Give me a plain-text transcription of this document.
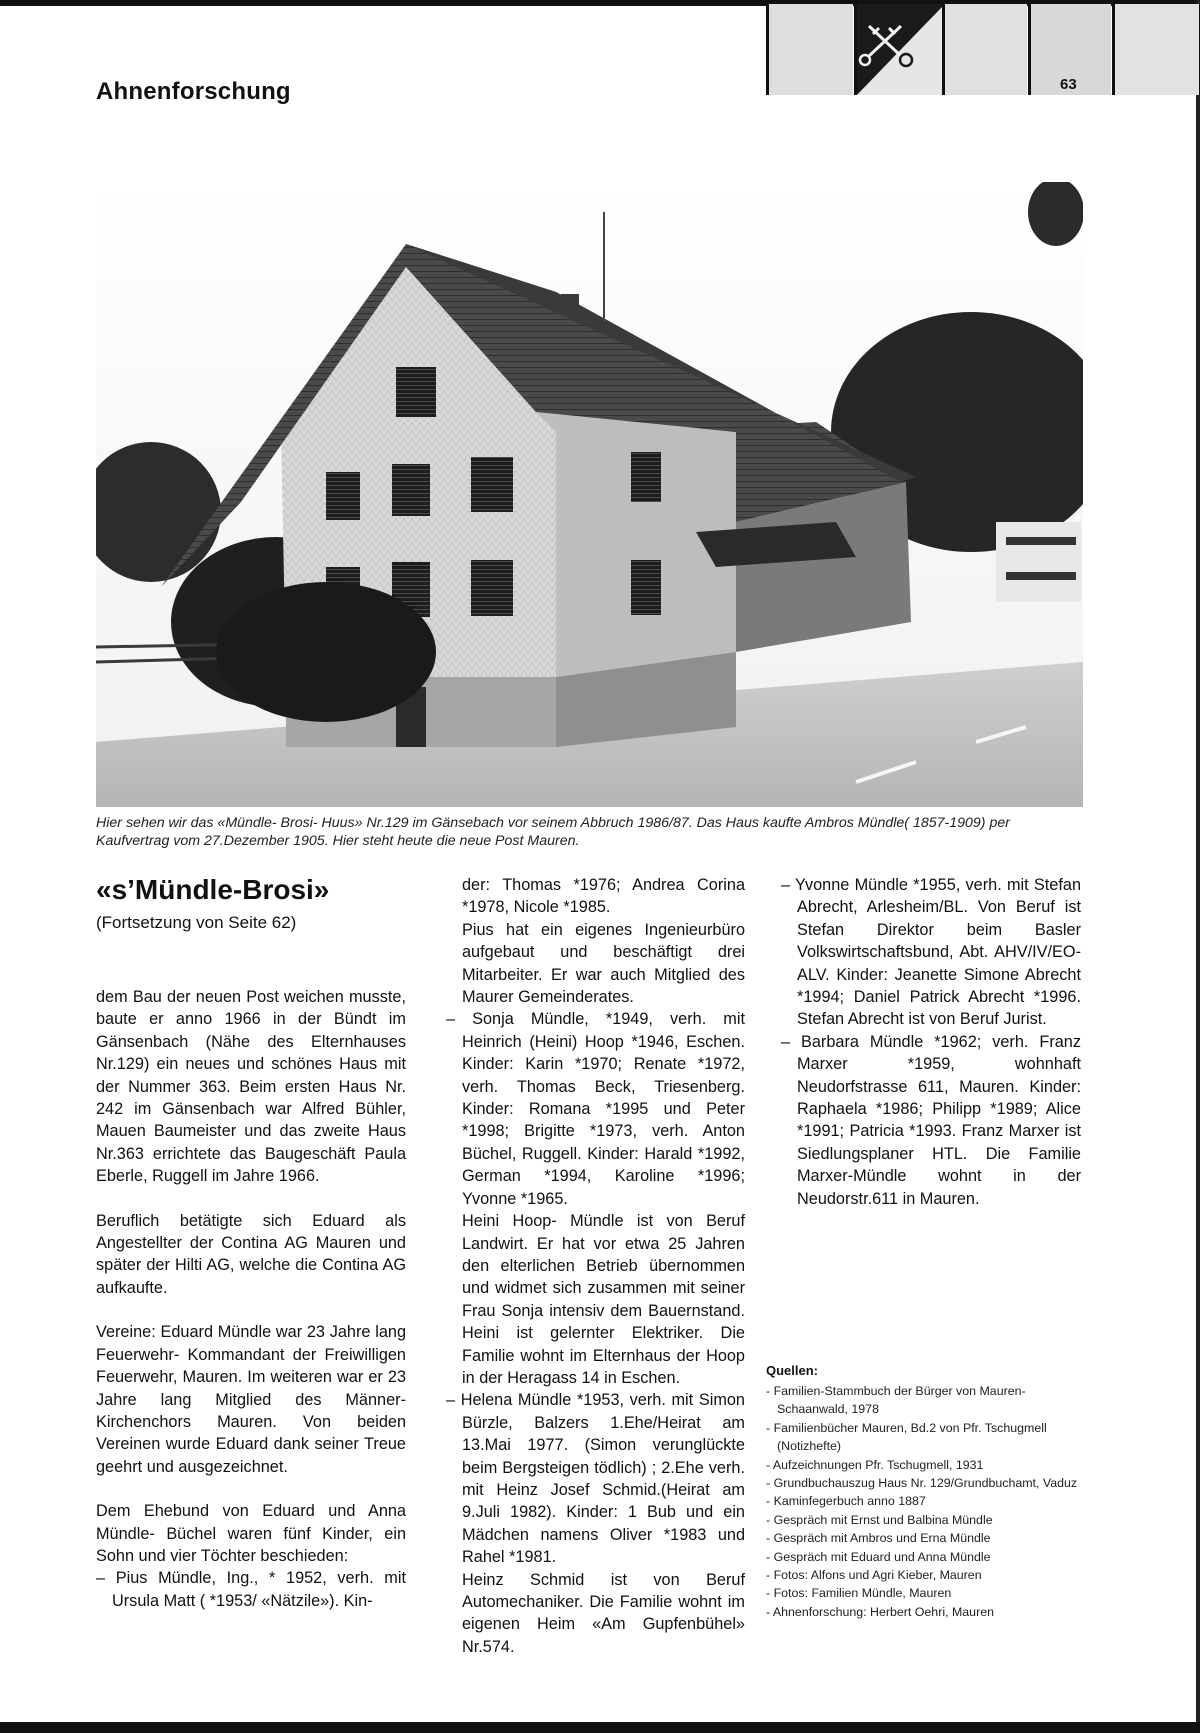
Ahnenforschung	63
Hier sehen wir das «Mündle- Brosi- Huus» Nr.129 im Gänsebach vor seinem Abbruch 1986/87. Das Haus kaufte Ambros Mündle( 1857-1909) per Kaufvertrag vom 27.Dezember 1905. Hier steht heute die neue Post Mauren.
«s’Mündle-Brosi»
(Fortsetzung von Seite 62)

dem Bau der neuen Post weichen musste, baute er anno 1966 in der Bündt im Gänsenbach (Nähe des Elternhauses Nr.129) ein neues und schönes Haus mit der Nummer 363. Beim ersten Haus Nr. 242 im Gänsenbach war Alfred Bühler, Mauen Baumeister und das zweite Haus Nr.363 errichtete das Baugeschäft Paula Eberle, Ruggell im Jahre 1966.

Beruflich betätigte sich Eduard als Angestellter der Contina AG Mauren und später der Hilti AG, welche die Contina AG aufkaufte.

Vereine: Eduard Mündle war 23 Jahre lang Feuerwehr- Kommandant der Freiwilligen Feuerwehr, Mauren. Im weiteren war er 23 Jahre lang Mitglied des Männer- Kirchenchors Mauren. Von beiden Vereinen wurde Eduard dank seiner Treue geehrt und ausgezeichnet.

Dem Ehebund von Eduard und Anna Mündle- Büchel waren fünf Kinder, ein Sohn und vier Töchter beschieden:

– Pius Mündle, Ing., * 1952, verh. mit Ursula Matt ( *1953/ «Nätzile»). Kin-

der: Thomas *1976; Andrea Corina *1978, Nicole *1985.

Pius hat ein eigenes Ingenieurbüro aufgebaut und beschäftigt drei Mitarbeiter. Er war auch Mitglied des Maurer Gemeinderates.

– Sonja Mündle, *1949, verh. mit Heinrich (Heini) Hoop *1946, Eschen. Kinder: Karin *1970; Renate *1972, verh. Thomas Beck, Triesenberg. Kinder: Romana *1995 und Peter *1998; Brigitte *1973, verh. Anton Büchel, Ruggell. Kinder: Harald *1992, German *1994, Karoline *1996; Yvonne *1965.

Heini Hoop- Mündle ist von Beruf Landwirt. Er hat vor etwa 25 Jahren den elterlichen Betrieb übernommen und widmet sich zusammen mit seiner Frau Sonja intensiv dem Bauernstand. Heini ist gelernter Elektriker. Die Familie wohnt im Elternhaus der Hoop in der Heragass 14 in Eschen.

– Helena Mündle *1953, verh. mit Simon Bürzle, Balzers 1.Ehe/Heirat am 13.Mai 1977. (Simon verunglückte beim Bergsteigen tödlich) ; 2.Ehe verh. mit Heinz Josef Schmid.(Heirat am 9.Juli 1982). Kinder: 1 Bub und ein Mädchen namens Oliver *1983 und Rahel *1981.

Heinz Schmid ist von Beruf Automechaniker. Die Familie wohnt im eigenen Heim «Am Gupfenbühel» Nr.574.

– Yvonne Mündle *1955, verh. mit Stefan Abrecht, Arlesheim/BL. Von Beruf ist Stefan Direktor beim Basler Volkswirtschaftsbund, Abt. AHV/IV/EO-ALV. Kinder: Jeanette Simone Abrecht *1994; Daniel Patrick Abrecht *1996. Stefan Abrecht ist von Beruf Jurist.

– Barbara Mündle *1962; verh. Franz Marxer *1959, wohnhaft Neudorfstrasse 611, Mauren. Kinder: Raphaela *1986; Philipp *1989; Alice *1991; Patricia *1993. Franz Marxer ist Siedlungsplaner HTL. Die Familie Marxer-Mündle wohnt in der Neudorstr.611 in Mauren.

Quellen:
- Familien-Stammbuch der Bürger von Mauren-Schaanwald, 1978
- Familienbücher Mauren, Bd.2 von Pfr. Tschugmell (Notizhefte)
- Aufzeichnungen Pfr. Tschugmell, 1931
- Grundbuchauszug Haus Nr. 129/Grundbuchamt, Vaduz
- Kaminfegerbuch anno 1887
- Gespräch mit Ernst und Balbina Mündle
- Gespräch mit Ambros und Erna Mündle
- Gespräch mit Eduard und Anna Mündle
- Fotos: Alfons und Agri Kieber, Mauren
- Fotos: Familien Mündle, Mauren
- Ahnenforschung: Herbert Oehri, Mauren
